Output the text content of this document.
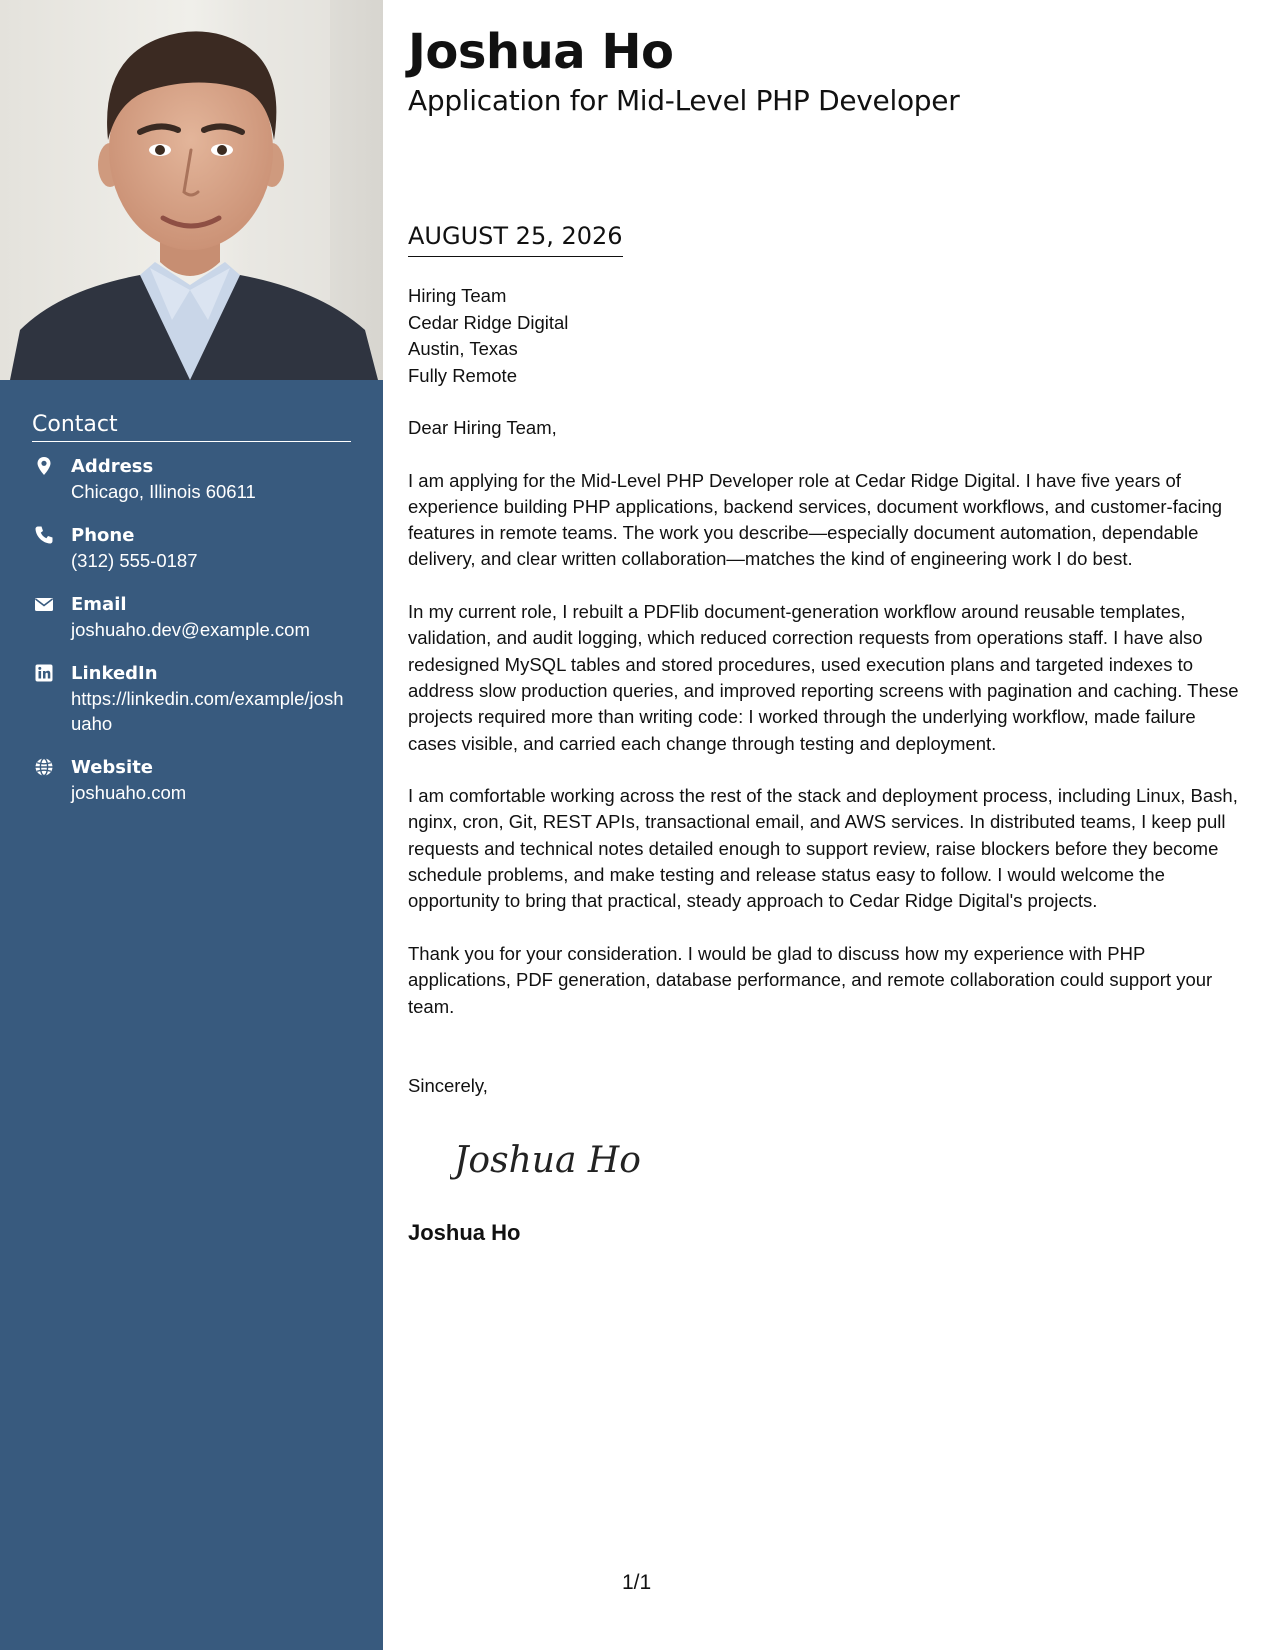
Contact
Address
Chicago, Illinois 60611
Phone
(312) 555-0187
Email
joshuaho.dev@example.com
LinkedIn
https://linkedin.com/example/joshuaho
Website
joshuaho.com
Joshua Ho
Application for Mid-Level PHP Developer
AUGUST 25, 2026
Hiring Team
Cedar Ridge Digital
Austin, Texas
Fully Remote

Dear Hiring Team,

I am applying for the Mid-Level PHP Developer role at Cedar Ridge Digital. I have five years of experience building PHP applications, backend services, document workflows, and customer-facing features in remote teams. The work you describe—especially document automation, dependable delivery, and clear written collaboration—matches the kind of engineering work I do best.

In my current role, I rebuilt a PDFlib document-generation workflow around reusable templates, validation, and audit logging, which reduced correction requests from operations staff. I have also redesigned MySQL tables and stored procedures, used execution plans and targeted indexes to address slow production queries, and improved reporting screens with pagination and caching. These projects required more than writing code: I worked through the underlying workflow, made failure cases visible, and carried each change through testing and deployment.

I am comfortable working across the rest of the stack and deployment process, including Linux, Bash, nginx, cron, Git, REST APIs, transactional email, and AWS services. In distributed teams, I keep pull requests and technical notes detailed enough to support review, raise blockers before they become schedule problems, and make testing and release status easy to follow. I would welcome the opportunity to bring that practical, steady approach to Cedar Ridge Digital's projects.

Thank you for your consideration. I would be glad to discuss how my experience with PHP applications, PDF generation, database performance, and remote collaboration could support your team.

Sincerely,
Joshua Ho
Joshua Ho
1/1
